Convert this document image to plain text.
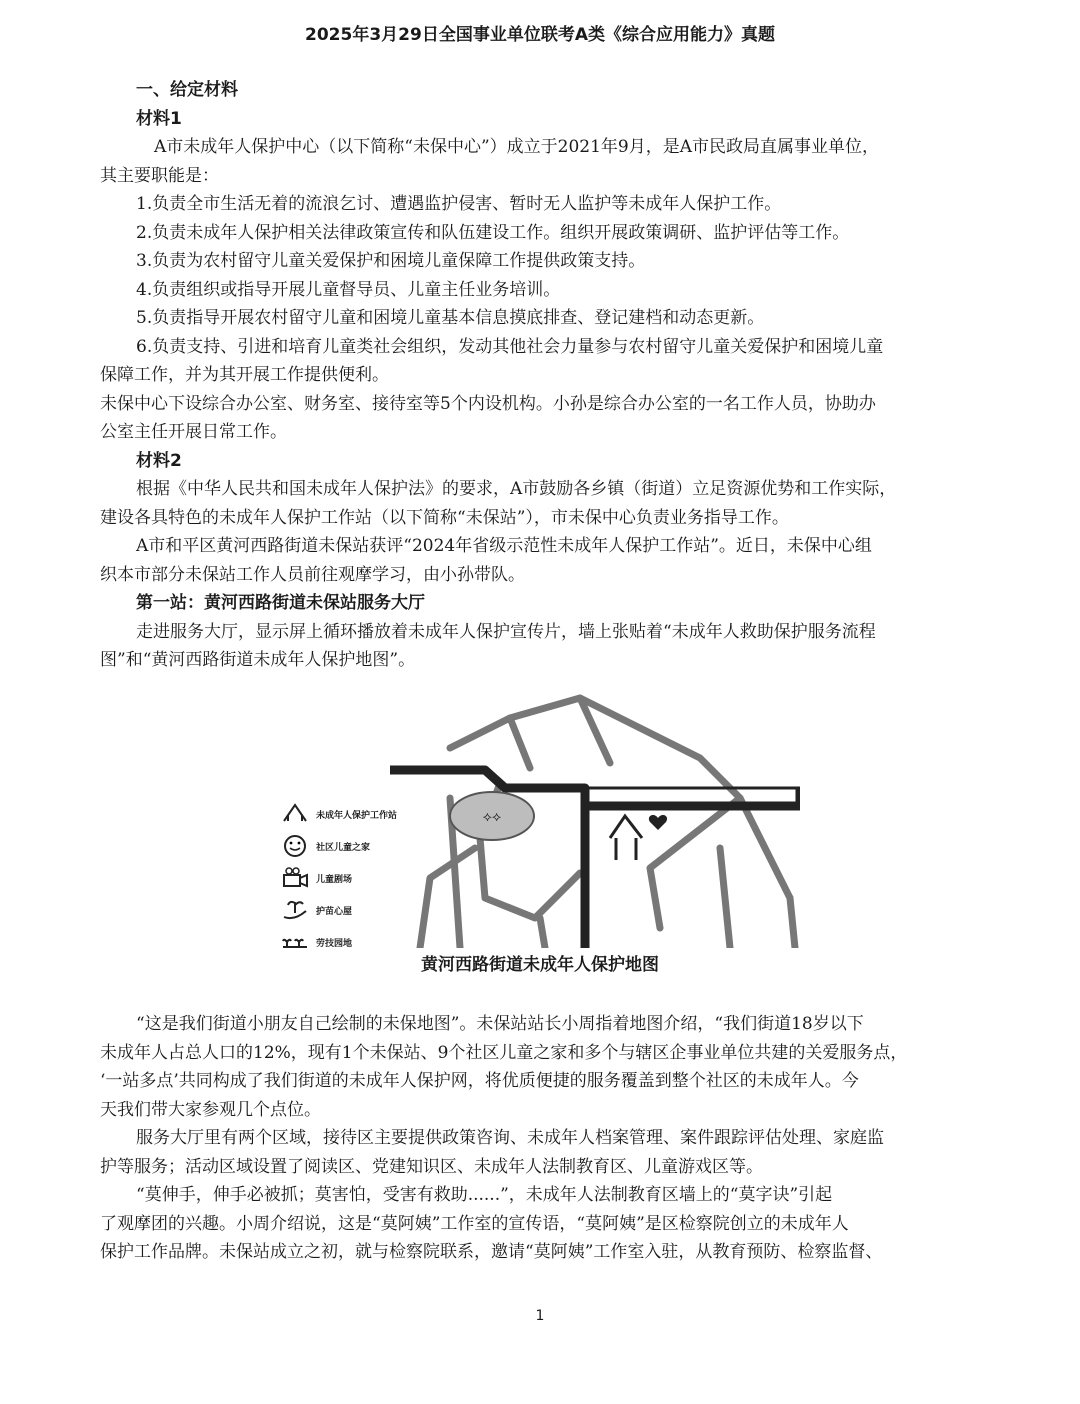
2025年3月29日全国事业单位联考A类《综合应用能力》真题

一、给定材料

材料1

A市未成年人保护中心（以下简称“未保中心”）成立于2021年9月，是A市民政局直属事业单位，

其主要职能是：

1.负责全市生活无着的流浪乞讨、遭遇监护侵害、暂时无人监护等未成年人保护工作。

2.负责未成年人保护相关法律政策宣传和队伍建设工作。组织开展政策调研、监护评估等工作。

3.负责为农村留守儿童关爱保护和困境儿童保障工作提供政策支持。

4.负责组织或指导开展儿童督导员、儿童主任业务培训。

5.负责指导开展农村留守儿童和困境儿童基本信息摸底排查、登记建档和动态更新。

6.负责支持、引进和培育儿童类社会组织，发动其他社会力量参与农村留守儿童关爱保护和困境儿童

保障工作，并为其开展工作提供便利。

未保中心下设综合办公室、财务室、接待室等5个内设机构。小孙是综合办公室的一名工作人员，协助办

公室主任开展日常工作。

材料2

根据《中华人民共和国未成年人保护法》的要求，A市鼓励各乡镇（街道）立足资源优势和工作实际，

建设各具特色的未成年人保护工作站（以下简称“未保站”），市未保中心负责业务指导工作。

A市和平区黄河西路街道未保站获评“2024年省级示范性未成年人保护工作站”。近日，未保中心组

织本市部分未保站工作人员前往观摩学习，由小孙带队。

第一站：黄河西路街道未保站服务大厅

走进服务大厅，显示屏上循环播放着未成年人保护宣传片，墙上张贴着“未成年人救助保护服务流程

图”和“黄河西路街道未成年人保护地图”。

⟡⟡
未成年人保护工作站
社区儿童之家
儿童剧场
护苗心屋
劳技园地
黄河西路街道未成年人保护地图

“这是我们街道小朋友自己绘制的未保地图”。未保站站长小周指着地图介绍，“我们街道18岁以下

未成年人占总人口的12%，现有1个未保站、9个社区儿童之家和多个与辖区企事业单位共建的关爱服务点，

‘一站多点’共同构成了我们街道的未成年人保护网，将优质便捷的服务覆盖到整个社区的未成年人。今

天我们带大家参观几个点位。

服务大厅里有两个区域，接待区主要提供政策咨询、未成年人档案管理、案件跟踪评估处理、家庭监

护等服务；活动区域设置了阅读区、党建知识区、未成年人法制教育区、儿童游戏区等。

“莫伸手，伸手必被抓；莫害怕，受害有救助......”，未成年人法制教育区墙上的“莫字诀”引起

了观摩团的兴趣。小周介绍说，这是“莫阿姨”工作室的宣传语，“莫阿姨”是区检察院创立的未成年人

保护工作品牌。未保站成立之初，就与检察院联系，邀请“莫阿姨”工作室入驻，从教育预防、检察监督、

1
